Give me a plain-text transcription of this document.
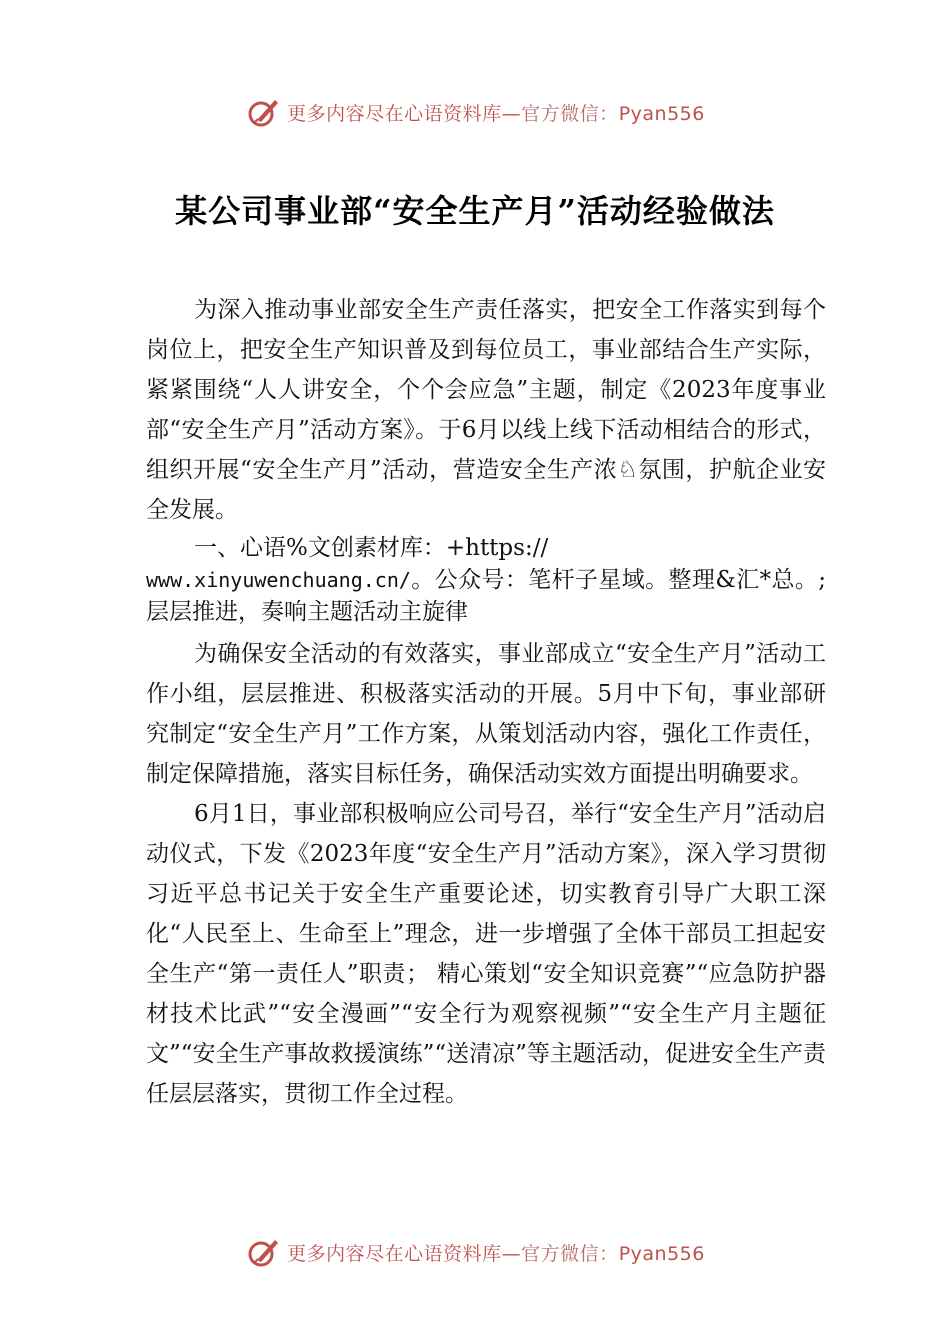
更多内容尽在心语资料库—官方微信：Pyan556
某公司事业部“安全生产月”活动经验做法

为深入推动事业部安全生产责任落实，把安全工作落实到每个岗位上，把安全生产知识普及到每位员工，事业部结合生产实际，紧紧围绕“人人讲安全，个个会应急”主题，制定《2023年度事业部“安全生产月”活动方案》。于6月以线上线下活动相结合的形式，组织开展“安全生产月”活动，营造安全生产浓♘氛围，护航企业安全发展。

一、心语%文创素材库：+https://
www.xinyuwenchuang.cn/。公众号：笔杆子星域。整理&汇*总。;层层推进，奏响主题活动主旋律

为确保安全活动的有效落实，事业部成立“安全生产月”活动工作小组，层层推进、积极落实活动的开展。5月中下旬，事业部研究制定“安全生产月”工作方案，从策划活动内容，强化工作责任，制定保障措施，落实目标任务，确保活动实效方面提出明确要求。

6月1日，事业部积极响应公司号召，举行“安全生产月”活动启动仪式，下发《2023年度“安全生产月”活动方案》，深入学习贯彻习近平总书记关于安全生产重要论述，切实教育引导广大职工深化“人民至上、生命至上”理念，进一步增强了全体干部员工担起安全生产“第一责任人”职责； 精心策划“安全知识竞赛”“应急防护器材技术比武”“安全漫画”“安全行为观察视频”“安全生产月主题征文”“安全生产事故救援演练”“送清凉”等主题活动，促进安全生产责任层层落实，贯彻工作全过程。

更多内容尽在心语资料库—官方微信：Pyan556
